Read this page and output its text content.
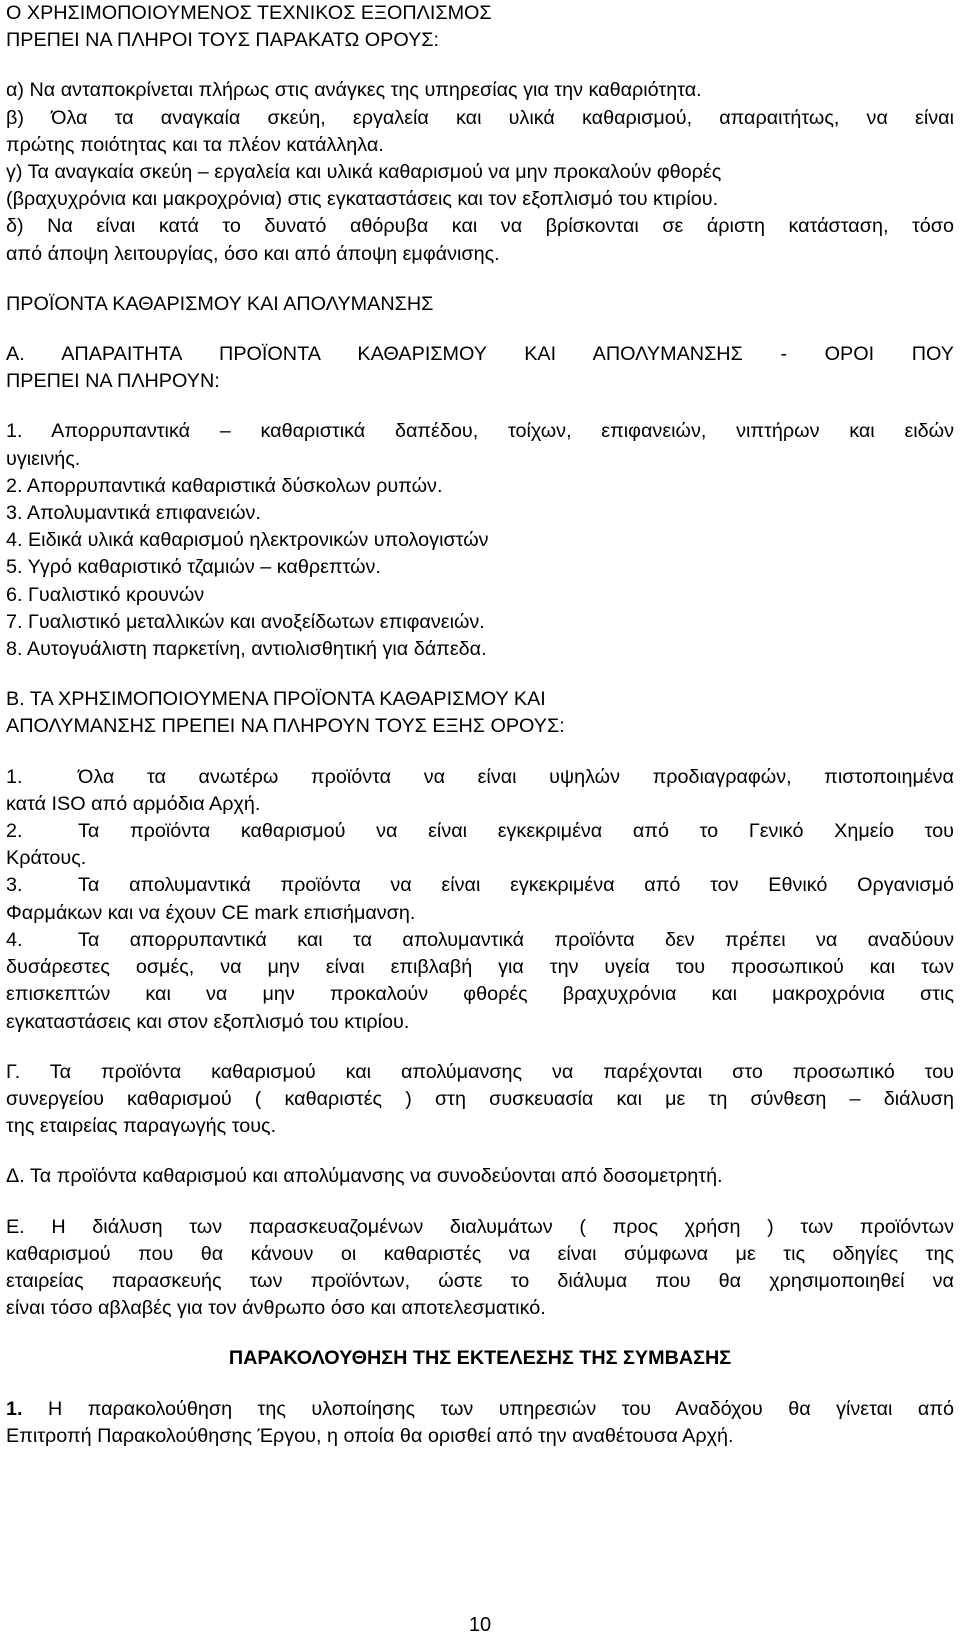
Ο ΧΡΗΣΙΜΟΠΟΙΟΥΜΕΝΟΣ ΤΕΧΝΙΚΟΣ ΕΞΟΠΛΙΣΜΟΣ
ΠΡΕΠΕΙ ΝΑ ΠΛΗΡΟΙ ΤΟΥΣ ΠΑΡΑΚΑΤΩ ΟΡΟΥΣ:
α) Να ανταποκρίνεται πλήρως στις ανάγκες της υπηρεσίας για την καθαριότητα.
β) Όλα τα αναγκαία σκεύη, εργαλεία και υλικά καθαρισμού, απαραιτήτως, να είναι
πρώτης ποιότητας και τα πλέον κατάλληλα.
γ) Τα αναγκαία σκεύη – εργαλεία και υλικά καθαρισμού να μην προκαλούν φθορές
(βραχυχρόνια και μακροχρόνια) στις εγκαταστάσεις και τον εξοπλισμό του κτιρίου.
δ) Να είναι κατά το δυνατό αθόρυβα και να βρίσκονται σε άριστη κατάσταση, τόσο
από άποψη λειτουργίας, όσο και από άποψη εμφάνισης.
ΠΡΟΪΟΝΤΑ ΚΑΘΑΡΙΣΜΟΥ ΚΑΙ ΑΠΟΛΥΜΑΝΣΗΣ
Α. ΑΠΑΡΑΙΤΗΤΑ ΠΡΟΪΟΝΤΑ ΚΑΘΑΡΙΣΜΟΥ ΚΑΙ ΑΠΟΛΥΜΑΝΣΗΣ - ΟΡΟΙ ΠΟΥ
ΠΡΕΠΕΙ ΝΑ ΠΛΗΡΟΥΝ:
1. Απορρυπαντικά – καθαριστικά δαπέδου, τοίχων, επιφανειών, νιπτήρων και ειδών
υγιεινής.
2. Απορρυπαντικά καθαριστικά δύσκολων ρυπών.
3. Απολυμαντικά επιφανειών.
4. Ειδικά υλικά καθαρισμού ηλεκτρονικών υπολογιστών
5. Υγρό καθαριστικό τζαμιών – καθρεπτών.
6. Γυαλιστικό κρουνών
7. Γυαλιστικό μεταλλικών και ανοξείδωτων επιφανειών.
8. Αυτογυάλιστη παρκετίνη, αντιολισθητική για δάπεδα.
Β. ΤΑ ΧΡΗΣΙΜΟΠΟΙΟΥΜΕΝΑ ΠΡΟΪΟΝΤΑ ΚΑΘΑΡΙΣΜΟΥ ΚΑΙ
ΑΠΟΛΥΜΑΝΣΗΣ ΠΡΕΠΕΙ ΝΑ ΠΛΗΡΟΥΝ ΤΟΥΣ ΕΞΗΣ ΟΡΟΥΣ:
1.	Όλα τα ανωτέρω προϊόντα να είναι υψηλών προδιαγραφών, πιστοποιημένα
κατά ISO από αρμόδια Αρχή.
2.	Τα προϊόντα καθαρισμού να είναι εγκεκριμένα από το Γενικό Χημείο του
Κράτους.
3.	Τα απολυμαντικά προϊόντα να είναι εγκεκριμένα από τον Εθνικό Οργανισμό
Φαρμάκων και να έχουν CE mark επισήμανση.
4.	Τα απορρυπαντικά και τα απολυμαντικά προϊόντα δεν πρέπει να αναδύουν
δυσάρεστες οσμές, να μην είναι επιβλαβή για την υγεία του προσωπικού και των
επισκεπτών και να μην προκαλούν φθορές βραχυχρόνια και μακροχρόνια στις
εγκαταστάσεις και στον εξοπλισμό του κτιρίου.
Γ. Τα προϊόντα καθαρισμού και απολύμανσης να παρέχονται στο προσωπικό του
συνεργείου καθαρισμού ( καθαριστές ) στη συσκευασία και με τη σύνθεση – διάλυση
της εταιρείας παραγωγής τους.
Δ. Τα προϊόντα καθαρισμού και απολύμανσης να συνοδεύονται από δοσομετρητή.
Ε. Η διάλυση των παρασκευαζομένων διαλυμάτων ( προς χρήση ) των προϊόντων
καθαρισμού που θα κάνουν οι καθαριστές να είναι σύμφωνα με τις οδηγίες της
εταιρείας παρασκευής των προϊόντων, ώστε το διάλυμα που θα χρησιμοποιηθεί να
είναι τόσο αβλαβές για τον άνθρωπο όσο και αποτελεσματικό.
ΠΑΡΑΚΟΛΟΥΘΗΣΗ ΤΗΣ ΕΚΤΕΛΕΣΗΣ ΤΗΣ ΣΥΜΒΑΣΗΣ
1. Η παρακολούθηση της υλοποίησης των υπηρεσιών του Αναδόχου θα γίνεται από
Επιτροπή Παρακολούθησης Έργου, η οποία θα ορισθεί από την αναθέτουσα Αρχή.
10
